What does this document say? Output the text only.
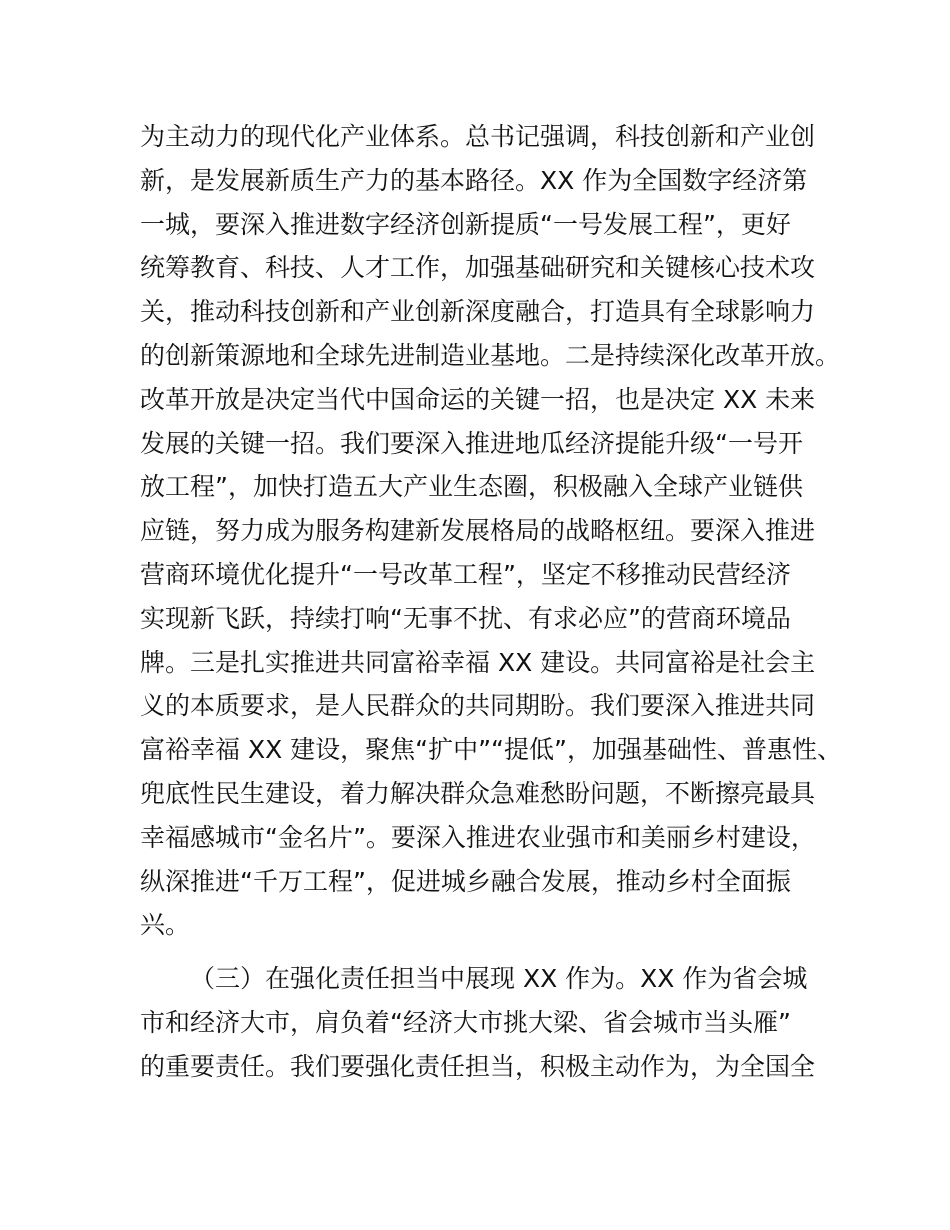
为主动力的现代化产业体系。总书记强调，科技创新和产业创
新，是发展新质生产力的基本路径。XX 作为全国数字经济第
一城，要深入推进数字经济创新提质“一号发展工程”，更好
统筹教育、科技、人才工作，加强基础研究和关键核心技术攻
关，推动科技创新和产业创新深度融合，打造具有全球影响力
的创新策源地和全球先进制造业基地。二是持续深化改革开放。
改革开放是决定当代中国命运的关键一招，也是决定 XX 未来
发展的关键一招。我们要深入推进地瓜经济提能升级“一号开
放工程”，加快打造五大产业生态圈，积极融入全球产业链供
应链，努力成为服务构建新发展格局的战略枢纽。要深入推进
营商环境优化提升“一号改革工程”，坚定不移推动民营经济
实现新飞跃，持续打响“无事不扰、有求必应”的营商环境品
牌。三是扎实推进共同富裕幸福 XX 建设。共同富裕是社会主
义的本质要求，是人民群众的共同期盼。我们要深入推进共同
富裕幸福 XX 建设，聚焦“扩中”“提低”，加强基础性、普惠性、
兜底性民生建设，着力解决群众急难愁盼问题，不断擦亮最具
幸福感城市“金名片”。要深入推进农业强市和美丽乡村建设，
纵深推进“千万工程”，促进城乡融合发展，推动乡村全面振
兴。
（三）在强化责任担当中展现 XX 作为。XX 作为省会城
市和经济大市，肩负着“经济大市挑大梁、省会城市当头雁”
的重要责任。我们要强化责任担当，积极主动作为，为全国全
